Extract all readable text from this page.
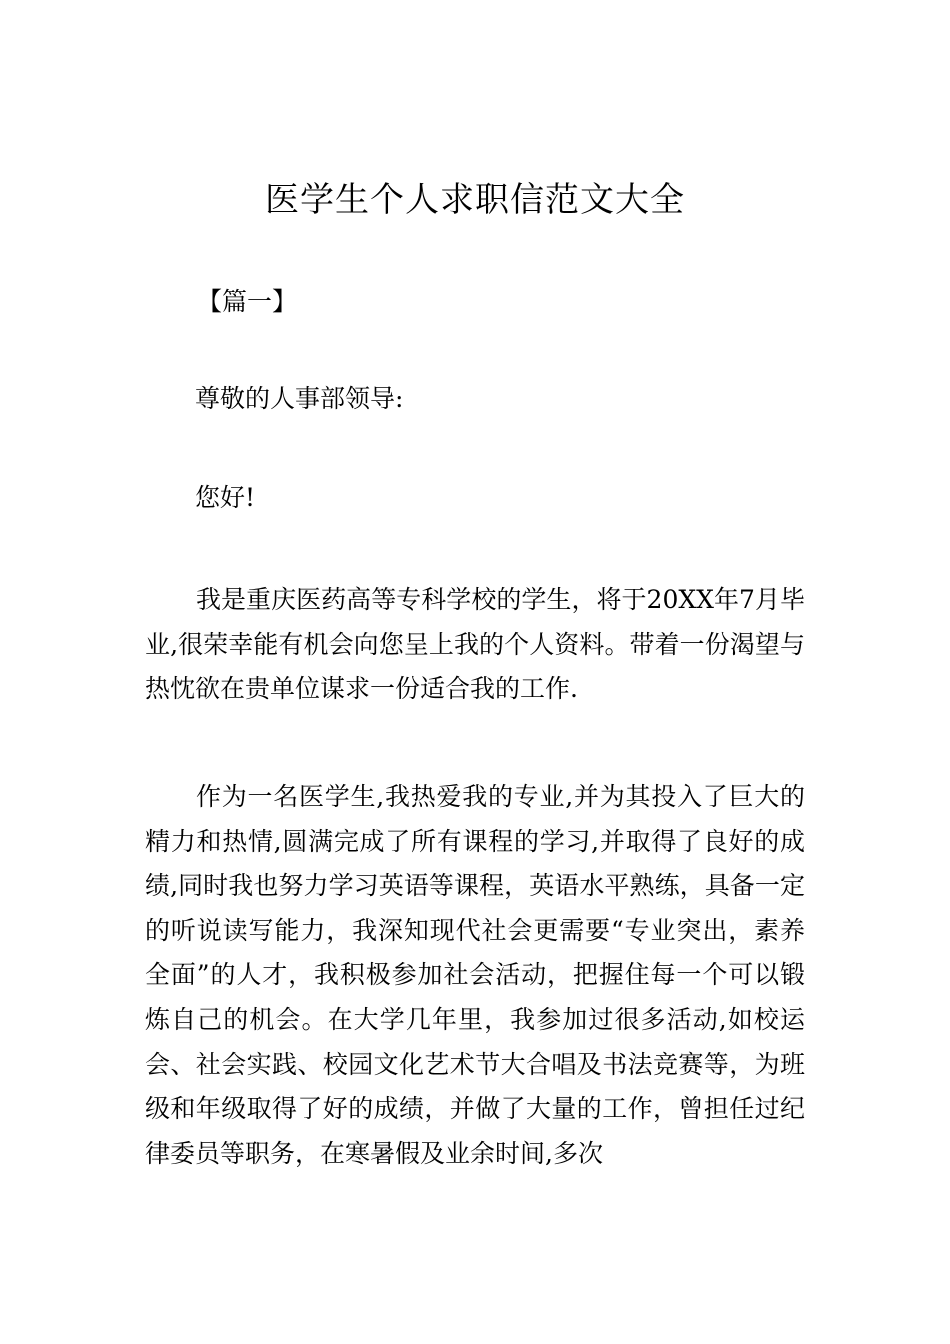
医学生个人求职信范文大全

【篇一】

尊敬的人事部领导:

您好!

我是重庆医药高等专科学校的学生，将于20XX年7月毕业,很荣幸能有机会向您呈上我的个人资料。带着一份渴望与热忱欲在贵单位谋求一份适合我的工作.

作为一名医学生,我热爱我的专业,并为其投入了巨大的精力和热情,圆满完成了所有课程的学习,并取得了良好的成绩,同时我也努力学习英语等课程，英语水平熟练，具备一定的听说读写能力，我深知现代社会更需要“专业突出，素养全面”的人才，我积极参加社会活动，把握住每一个可以锻炼自己的机会。在大学几年里，我参加过很多活动,如校运会、社会实践、校园文化艺术节大合唱及书法竞赛等，为班级和年级取得了好的成绩，并做了大量的工作，曾担任过纪律委员等职务，在寒暑假及业余时间,多次
